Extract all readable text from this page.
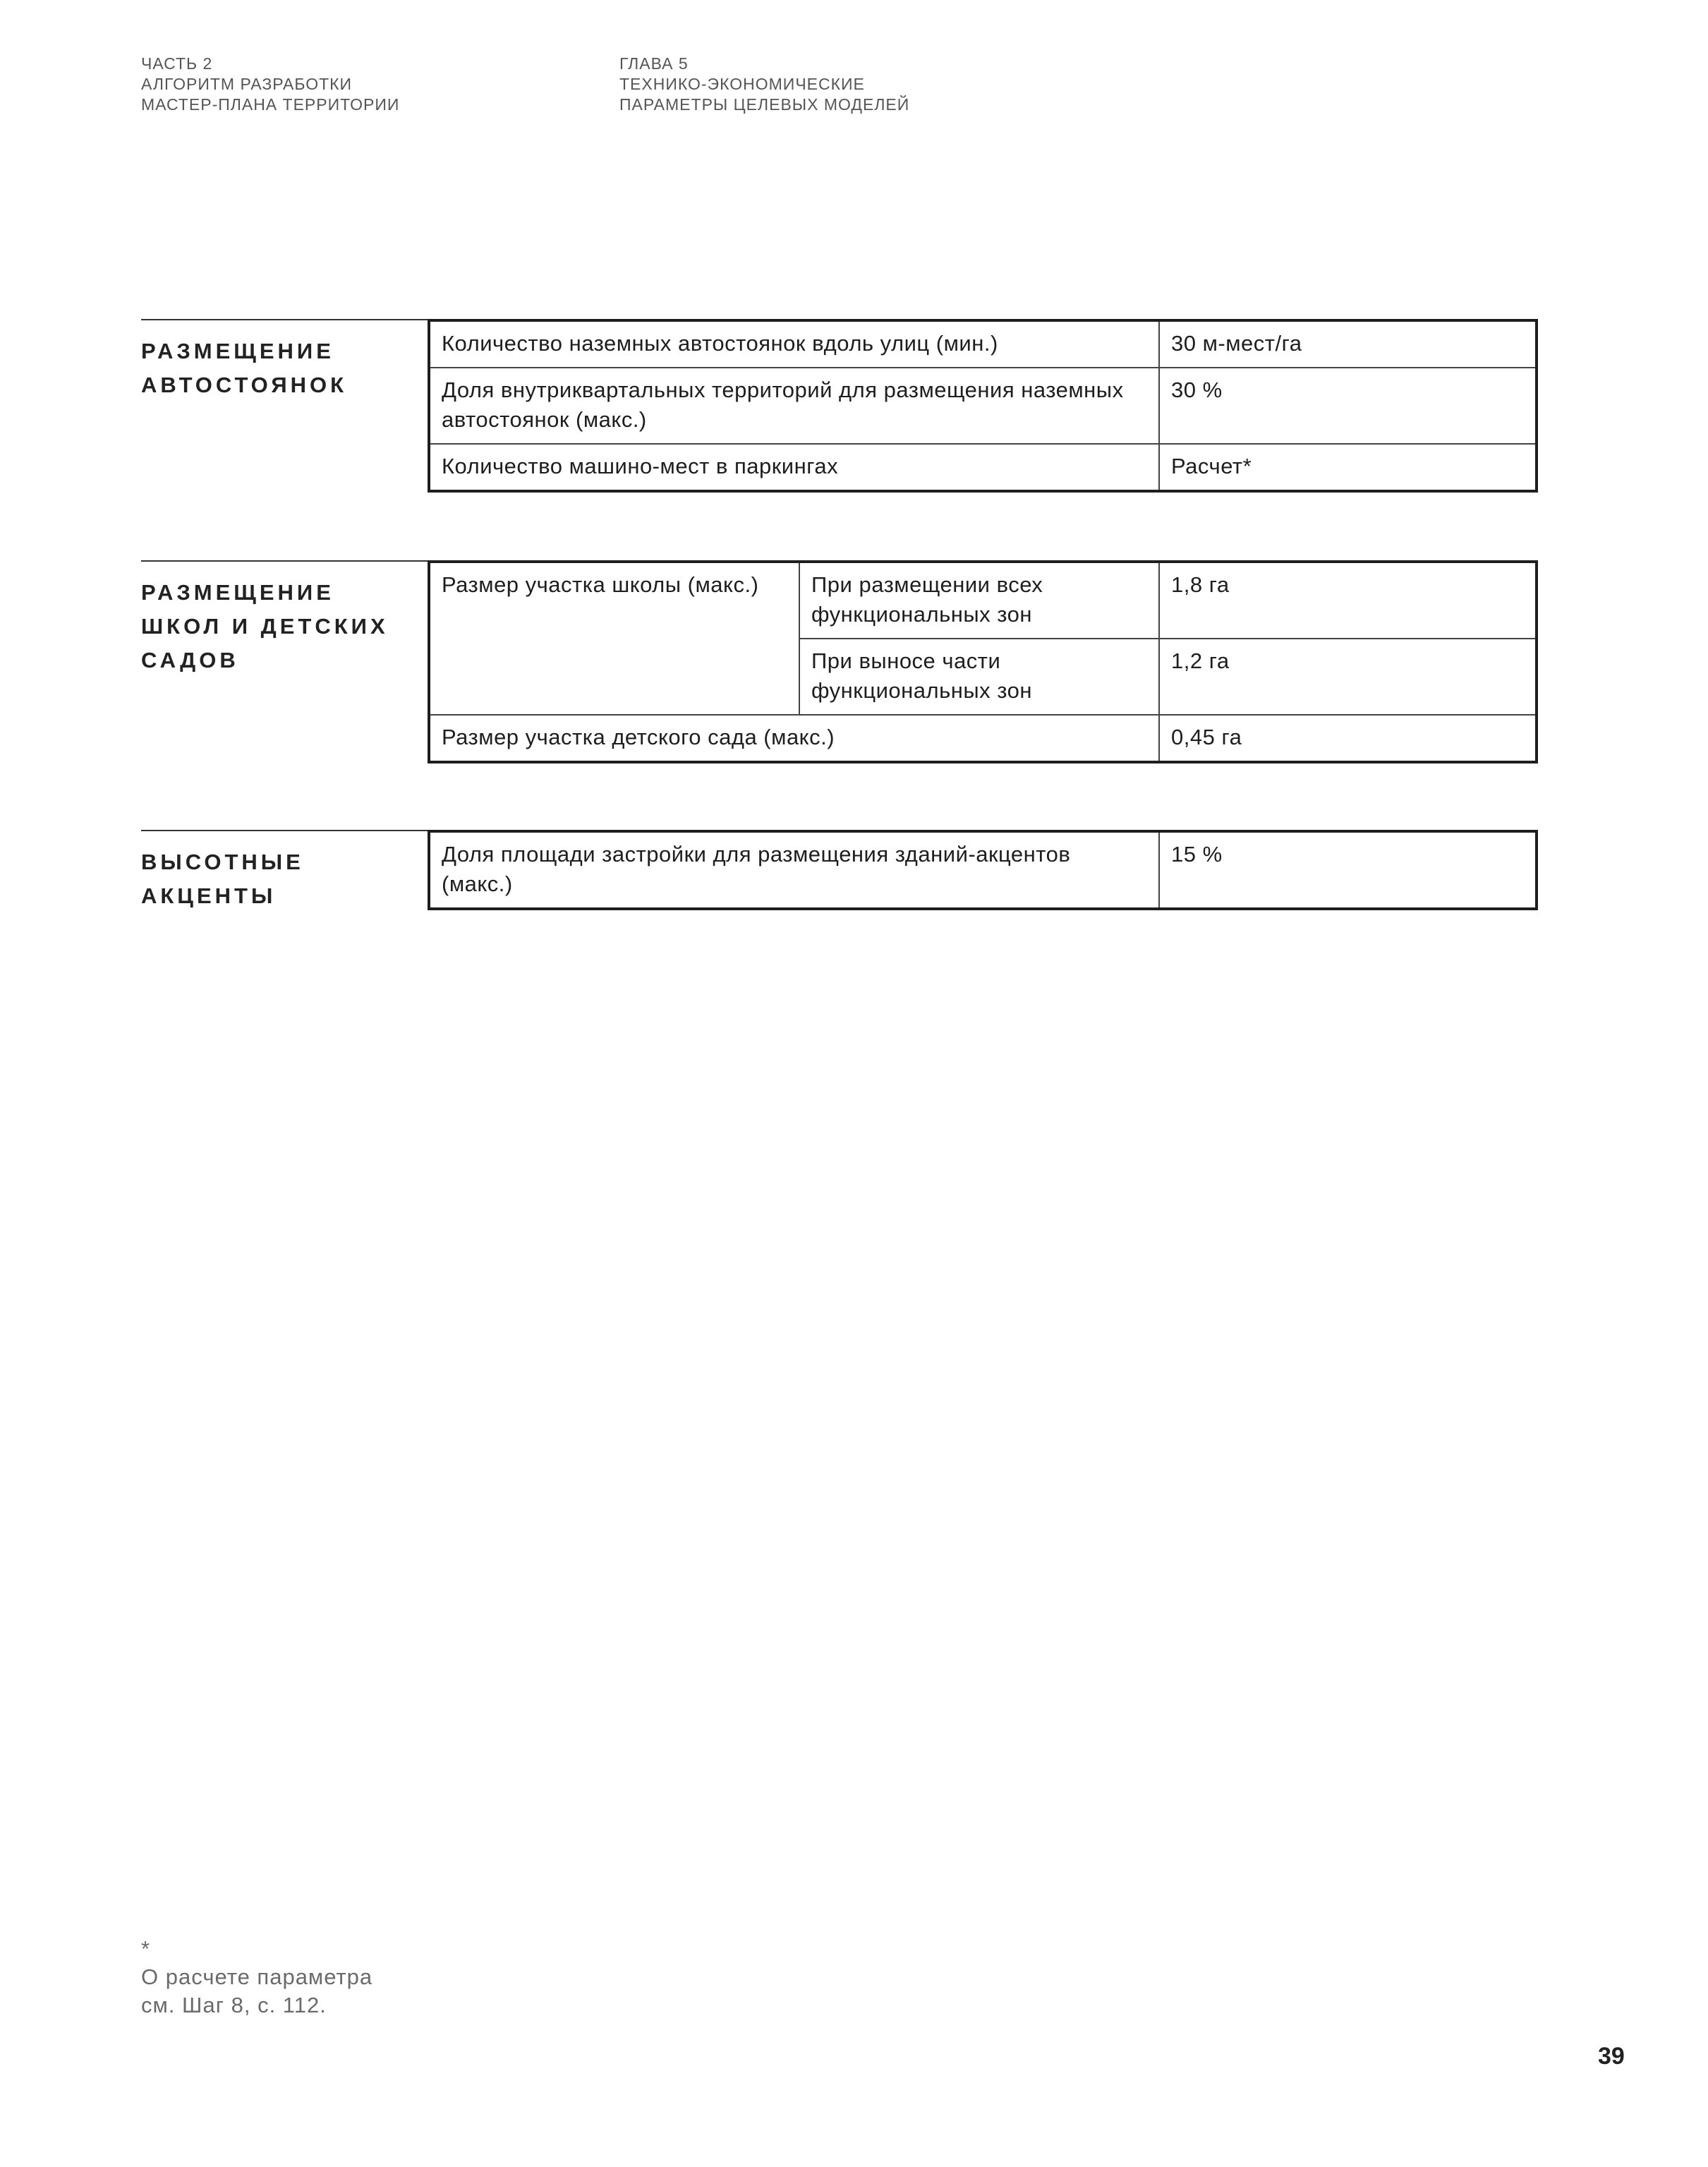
ЧАСТЬ 2
АЛГОРИТМ РАЗРАБОТКИ
МАСТЕР-ПЛАНА ТЕРРИТОРИИ
ГЛАВА 5
ТЕХНИКО-ЭКОНОМИЧЕСКИЕ
ПАРАМЕТРЫ ЦЕЛЕВЫХ МОДЕЛЕЙ
РАЗМЕЩЕНИЕ
АВТОСТОЯНОК
Количество наземных автостоянок вдоль улиц (мин.)	30 м-мест/га
Доля внутриквартальных территорий для размещения наземных автостоянок (макс.)	30 %
Количество машино-мест в паркингах	Расчет*
РАЗМЕЩЕНИЕ
ШКОЛ И ДЕТСКИХ
САДОВ
Размер участка школы (макс.)	При размещении всех функциональных зон	1,8 га
	При выносе части функциональных зон	1,2 га
Размер участка детского сада (макс.)		0,45 га
ВЫСОТНЫЕ
АКЦЕНТЫ
Доля площади застройки для размещения зданий-акцентов (макс.)	15 %
*
О расчете параметра
см. Шаг 8, с. 112.
39
